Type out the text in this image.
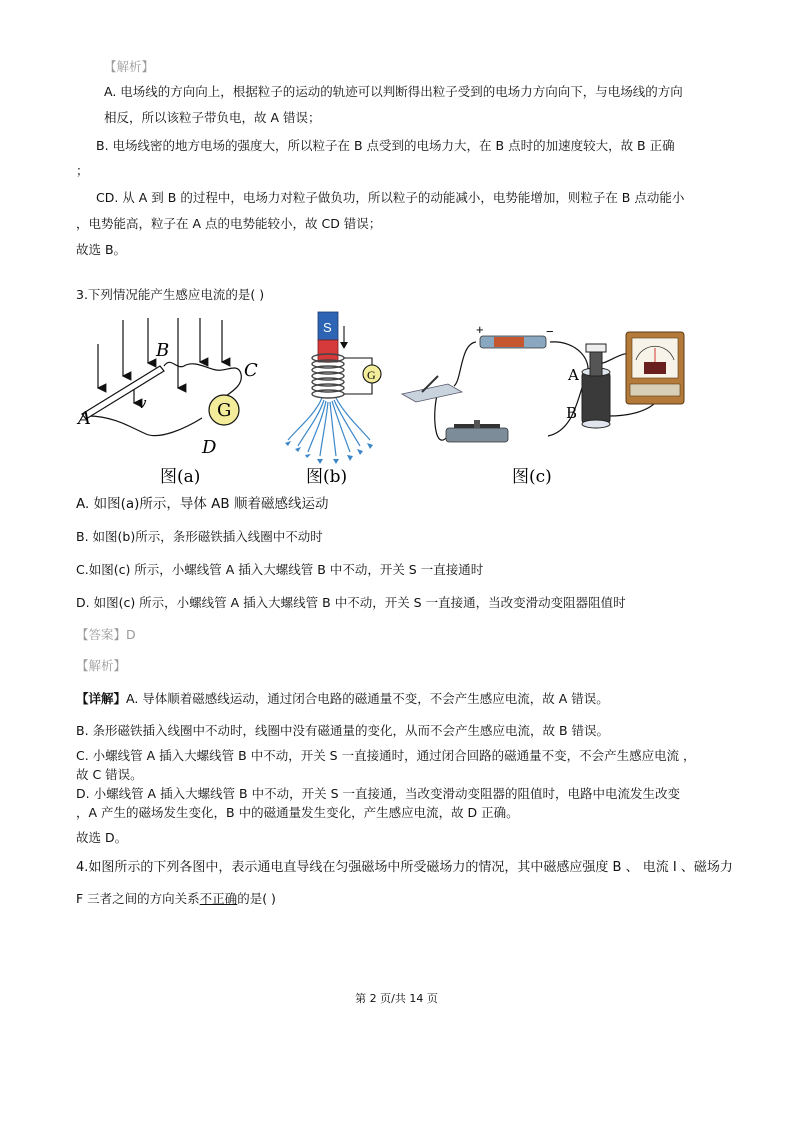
【解析】
A. 电场线的方向向上，根据粒子的运动的轨迹可以判断得出粒子受到的电场力方向向下，与电场线的方向
相反，所以该粒子带负电，故 A 错误；
B. 电场线密的地方电场的强度大，所以粒子在 B 点受到的电场力大，在 B 点时的加速度较大，故 B 正确
；
CD. 从 A 到 B 的过程中，电场力对粒子做负功，所以粒子的动能减小，电势能增加，则粒子在 B 点动能小
，电势能高，粒子在 A 点的电势能较小，故 CD 错误；
故选 B。
3.下列情况能产生感应电流的是( )
G
A
B
C
D
v
图(a)
S
G
图(b)
+	−
A
B
图(c)
A. 如图(a)所示，导体 AB 顺着磁感线运动
B. 如图(b)所示，条形磁铁插入线圈中不动时
C.如图(c) 所示，小螺线管 A 插入大螺线管 B 中不动，开关 S 一直接通时
D. 如图(c) 所示，小螺线管 A 插入大螺线管 B 中不动，开关 S 一直接通，当改变滑动变阻器阻值时
【答案】D
【解析】
【详解】A. 导体顺着磁感线运动，通过闭合电路的磁通量不变，不会产生感应电流，故 A 错误。
B. 条形磁铁插入线圈中不动时，线圈中没有磁通量的变化，从而不会产生感应电流，故 B 错误。
C. 小螺线管 A 插入大螺线管 B 中不动，开关 S 一直接通时，通过闭合回路的磁通量不变，不会产生感应电流 ，
故 C 错误。
D. 小螺线管 A 插入大螺线管 B 中不动，开关 S 一直接通，当改变滑动变阻器的阻值时，电路中电流发生改变
，A 产生的磁场发生变化，B 中的磁通量发生变化，产生感应电流，故 D 正确。
故选 D。
4.如图所示的下列各图中，表示通电直导线在匀强磁场中所受磁场力的情况，其中磁感应强度 B 、 电流 I 、磁场力
F 三者之间的方向关系不正确的是( )
第 2 页/共 14 页
